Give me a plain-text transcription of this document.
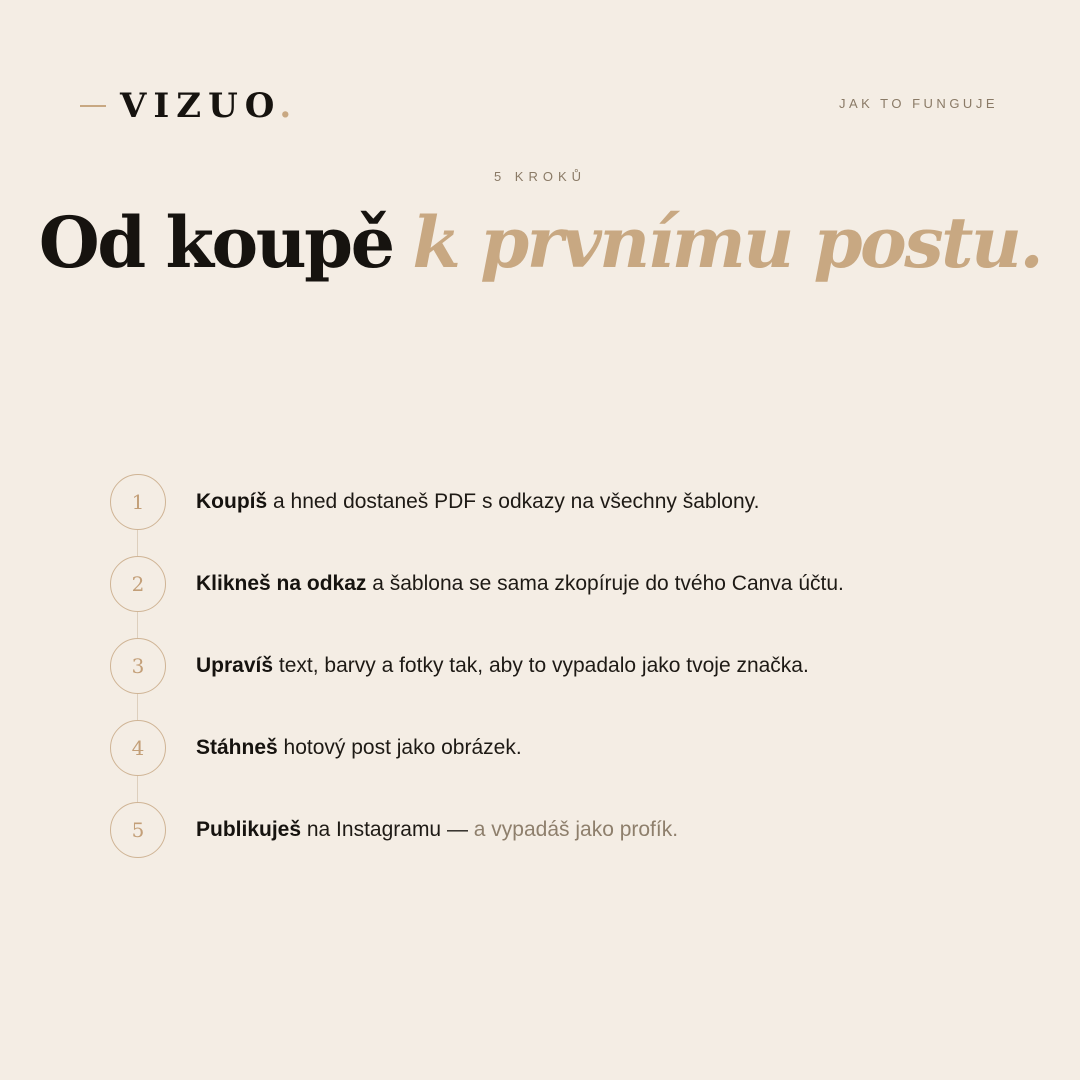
VIZUO
.	JAK TO FUNGUJE
5 KROKŮ
Od koupě k prvnímu postu.
1	Koupíš a hned dostaneš PDF s odkazy na všechny šablony.
2	Klikneš na odkaz a šablona se sama zkopíruje do tvého Canva účtu.
3	Upravíš text, barvy a fotky tak, aby to vypadalo jako tvoje značka.
4	Stáhneš hotový post jako obrázek.
5	Publikuješ na Instagramu — a vypadáš jako profík.
